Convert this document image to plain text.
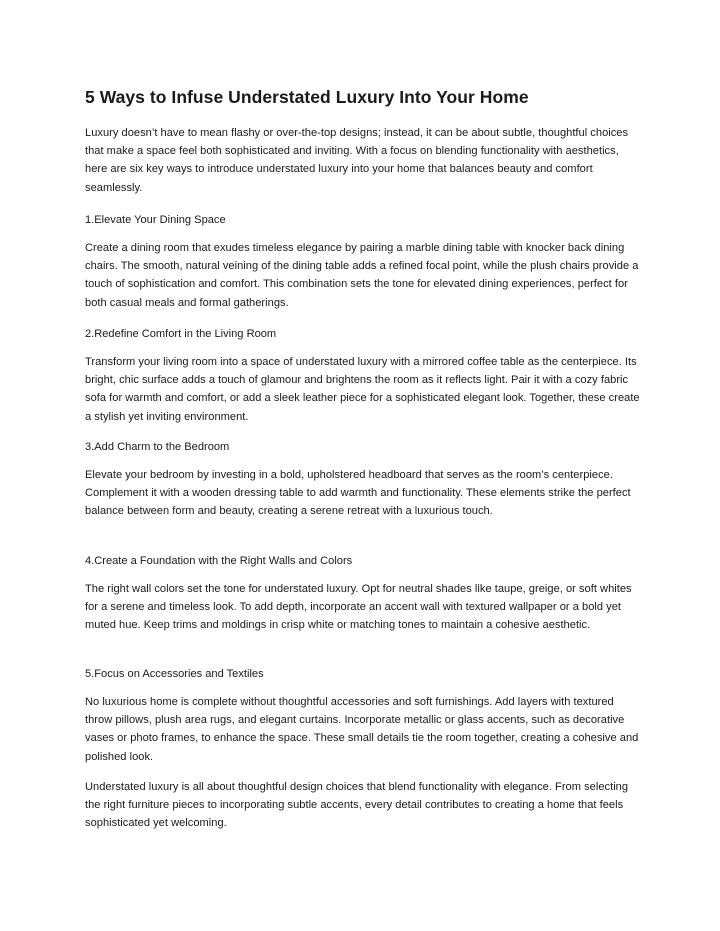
5 Ways to Infuse Understated Luxury Into Your Home

Luxury doesn’t have to mean flashy or over-the-top designs; instead, it can be about subtle, thoughtful choices that make a space feel both sophisticated and inviting. With a focus on blending functionality with aesthetics, here are six key ways to introduce understated luxury into your home that balances beauty and comfort seamlessly.

1.Elevate Your Dining Space

Create a dining room that exudes timeless elegance by pairing a marble dining table with knocker back dining chairs. The smooth, natural veining of the dining table adds a refined focal point, while the plush chairs provide a touch of sophistication and comfort. This combination sets the tone for elevated dining experiences, perfect for both casual meals and formal gatherings.

2.Redefine Comfort in the Living Room

Transform your living room into a space of understated luxury with a mirrored coffee table as the centerpiece. Its bright, chic surface adds a touch of glamour and brightens the room as it reflects light. Pair it with a cozy fabric sofa for warmth and comfort, or add a sleek leather piece for a sophisticated elegant look. Together, these create a stylish yet inviting environment.

3.Add Charm to the Bedroom

Elevate your bedroom by investing in a bold, upholstered headboard that serves as the room’s centerpiece. Complement it with a wooden dressing table to add warmth and functionality. These elements strike the perfect balance between form and beauty, creating a serene retreat with a luxurious touch.

4.Create a Foundation with the Right Walls and Colors

The right wall colors set the tone for understated luxury. Opt for neutral shades like taupe, greige, or soft whites for a serene and timeless look. To add depth, incorporate an accent wall with textured wallpaper or a bold yet muted hue. Keep trims and moldings in crisp white or matching tones to maintain a cohesive aesthetic.

5.Focus on Accessories and Textiles

No luxurious home is complete without thoughtful accessories and soft furnishings. Add layers with textured throw pillows, plush area rugs, and elegant curtains. Incorporate metallic or glass accents, such as decorative vases or photo frames, to enhance the space. These small details tie the room together, creating a cohesive and polished look.

Understated luxury is all about thoughtful design choices that blend functionality with elegance. From selecting the right furniture pieces to incorporating subtle accents, every detail contributes to creating a home that feels sophisticated yet welcoming.
